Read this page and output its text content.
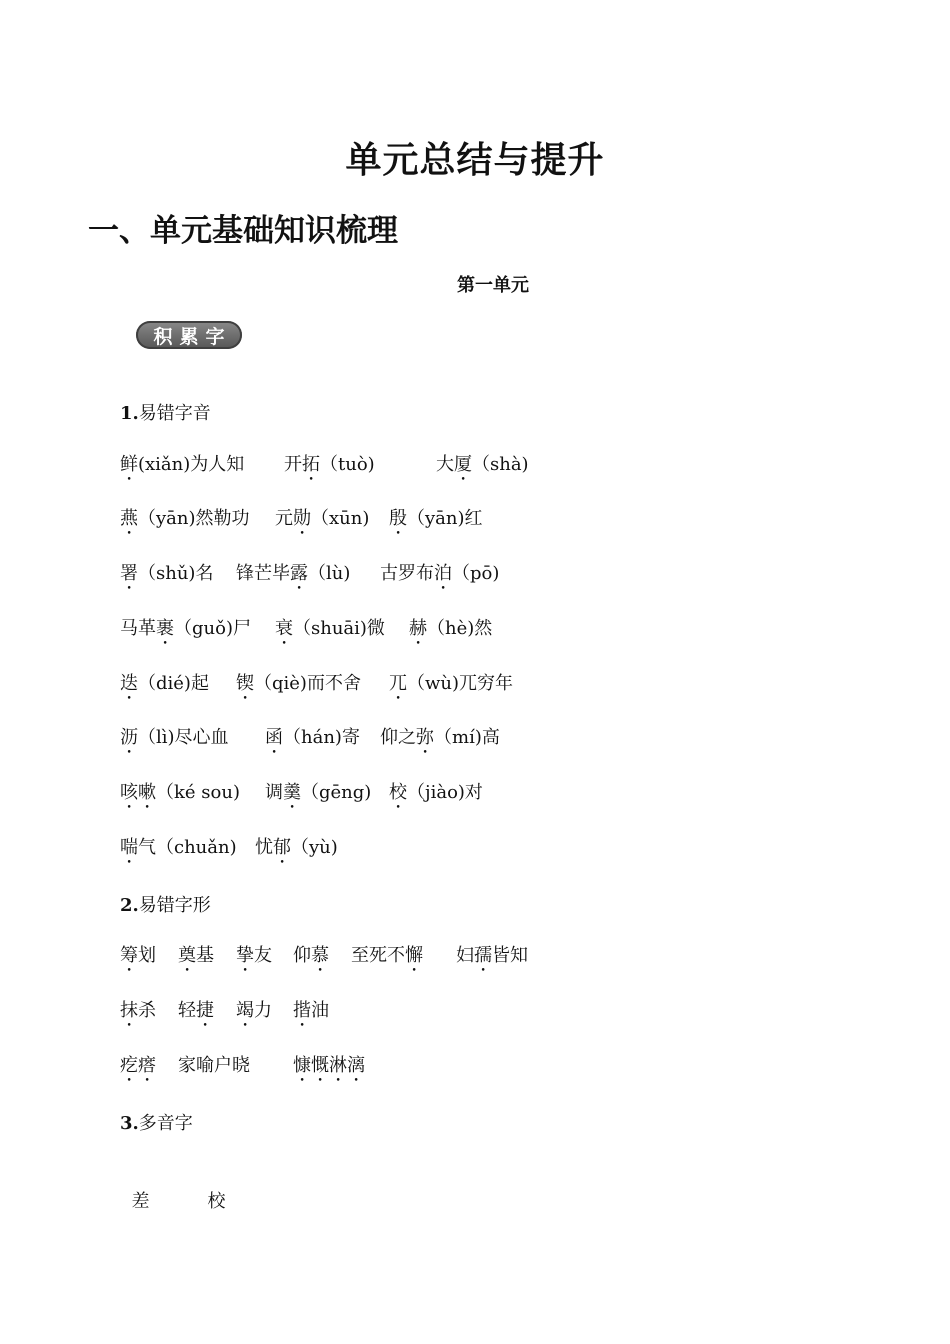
单元总结与提升
一、单元基础知识梳理
第一单元
积累字
1.易错字音
鲜(xiǎn)为人知 开拓（tuò)	大厦（shà)
燕（yān)然勒功 元勋（xūn) 殷（yān)红
署（shǔ)名 锋芒毕露（lù) 古罗布泊（pō)
马革裹（guǒ)尸 衰（shuāi)微 赫（hè)然
迭（dié)起 锲（qiè)而不舍 兀（wù)兀穷年
沥（lì)尽心血 函（hán)寄 仰之弥（mí)高
咳嗽（ké sou) 调羹（gēng) 校（jiào)对
喘气（chuǎn) 忧郁（yù)
2.易错字形
筹划 奠基 挚友 仰慕 至死不懈 妇孺皆知
抹杀 轻捷 竭力 揩油
疙瘩 家喻户晓 慷慨淋漓
3.多音字

差	校
